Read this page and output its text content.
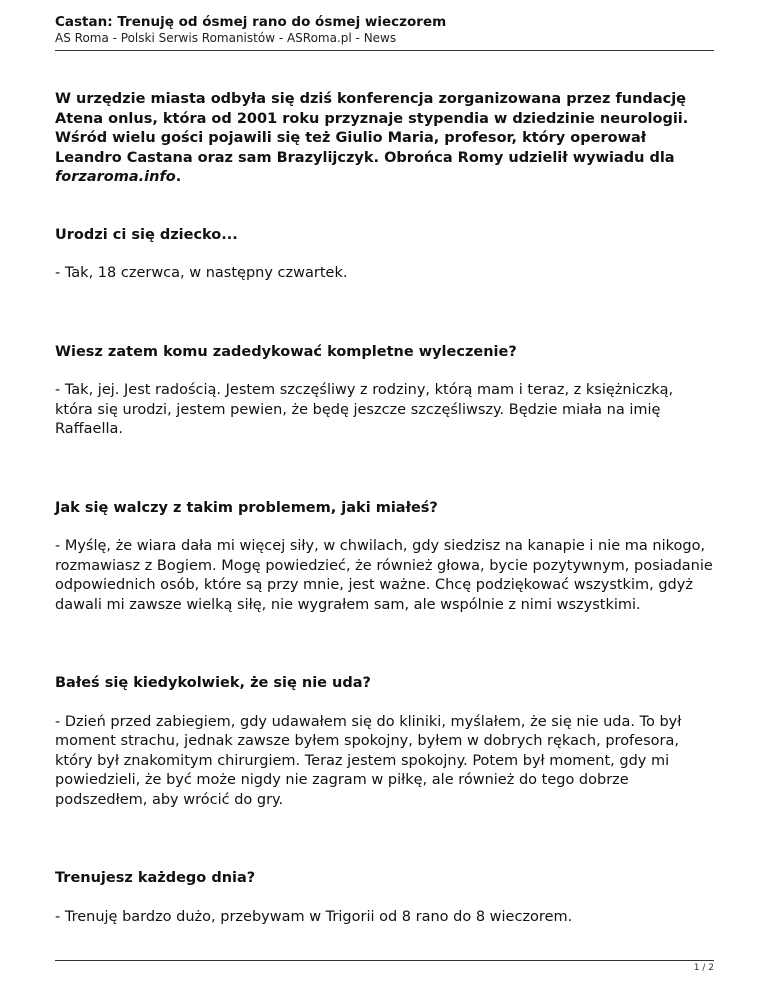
Castan: Trenuję od ósmej rano do ósmej wieczorem
AS Roma - Polski Serwis Romanistów - ASRoma.pl - News

W urzędzie miasta odbyła się dziś konferencja zorganizowana przez fundację Atena onlus, która od 2001 roku przyznaje stypendia w dziedzinie neurologii. Wśród wielu gości pojawili się też Giulio Maria, profesor, który operował Leandro Castana oraz sam Brazylijczyk. Obrońca Romy udzielił wywiadu dla forzaroma.info.

Urodzi ci się dziecko...

- Tak, 18 czerwca, w następny czwartek.

Wiesz zatem komu zadedykować kompletne wyleczenie?

- Tak, jej. Jest radością. Jestem szczęśliwy z rodziny, którą mam i teraz, z księżniczką, która się urodzi, jestem pewien, że będę jeszcze szczęśliwszy. Będzie miała na imię Raffaella.

Jak się walczy z takim problemem, jaki miałeś?

- Myślę, że wiara dała mi więcej siły, w chwilach, gdy siedzisz na kanapie i nie ma nikogo, rozmawiasz z Bogiem. Mogę powiedzieć, że również głowa, bycie pozytywnym, posiadanie odpowiednich osób, które są przy mnie, jest ważne. Chcę podziękować wszystkim, gdyż dawali mi zawsze wielką siłę, nie wygrałem sam, ale wspólnie z nimi wszystkimi.

Bałeś się kiedykolwiek, że się nie uda?

- Dzień przed zabiegiem, gdy udawałem się do kliniki, myślałem, że się nie uda. To był moment strachu, jednak zawsze byłem spokojny, byłem w dobrych rękach, profesora, który był znakomitym chirurgiem. Teraz jestem spokojny. Potem był moment, gdy mi powiedzieli, że być może nigdy nie zagram w piłkę, ale również do tego dobrze podszedłem, aby wrócić do gry.

Trenujesz każdego dnia?

- Trenuję bardzo dużo, przebywam w Trigorii od 8 rano do 8 wieczorem.

1 / 2
